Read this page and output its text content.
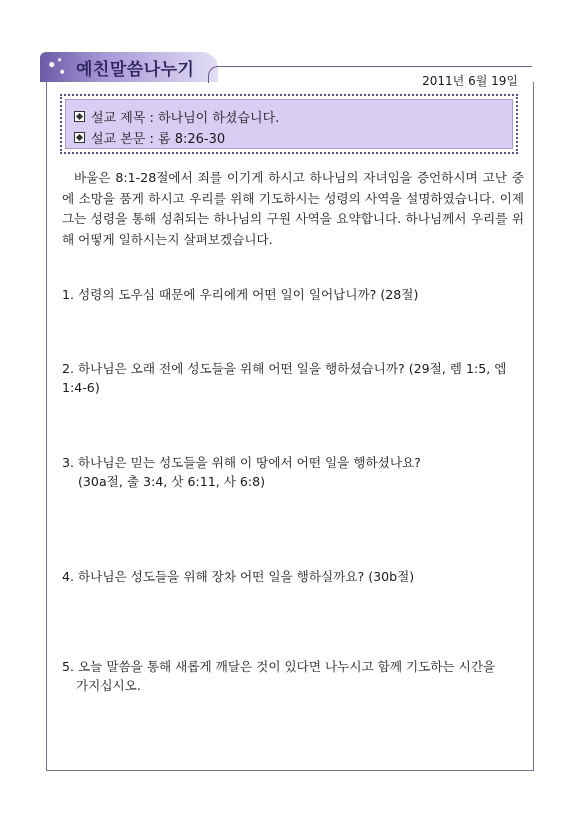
예친말씀나누기
2011년 6월 19일
설교 제목 : 하나님이 하셨습니다.
설교 본문 : 롬 8:26-30
바울은 8:1-28절에서 죄를 이기게 하시고 하나님의 자녀임을 증언하시며 고난 중에 소망을 품게 하시고 우리를 위해 기도하시는 성령의 사역을 설명하였습니다. 이제 그는 성령을 통해 성취되는 하나님의 구원 사역을 요약합니다. 하나님께서 우리를 위해 어떻게 일하시는지 살펴보겠습니다.
1. 성령의 도우심 때문에 우리에게 어떤 일이 일어납니까? (28절)
2. 하나님은 오래 전에 성도들을 위해 어떤 일을 행하셨습니까? (29절, 렘 1:5, 엡 1:4-6)
3. 하나님은 믿는 성도들을 위해 이 땅에서 어떤 일을 행하셨나요?
(30a절, 출 3:4, 삿 6:11, 사 6:8)
4. 하나님은 성도들을 위해 장차 어떤 일을 행하실까요? (30b절)
5. 오늘 말씀을 통해 새롭게 깨달은 것이 있다면 나누시고 함께 기도하는 시간을
가지십시오.
